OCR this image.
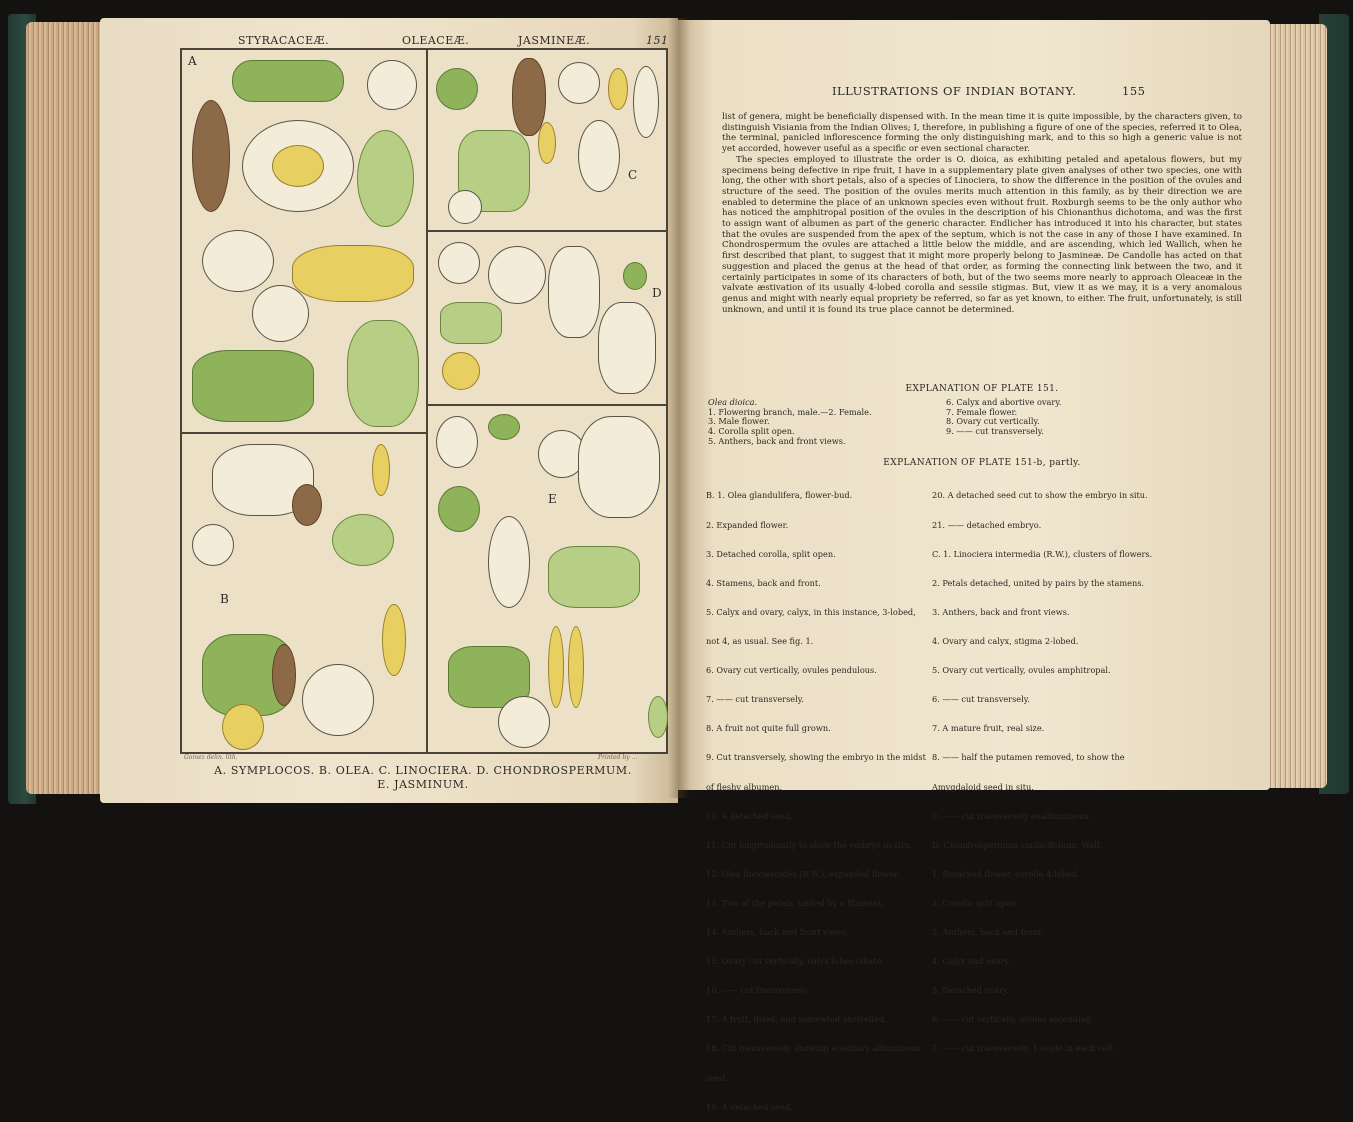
STYRACACEÆ.	OLEACEÆ.	JASMINEÆ.	151
A
C
D
B
E
Gomez delin. lith.	Printed by ...
A. SYMPLOCOS. B. OLEA. C. LINOCIERA. D. CHONDROSPERMUM.
E. JASMINUM.
ILLUSTRATIONS OF INDIAN BOTANY.	155

list of genera, might be beneficially dispensed with. In the mean time it is quite impossible, by the characters given, to distinguish Visiania from the Indian Olives; I, therefore, in publishing a figure of one of the species, referred it to Olea, the terminal, panicled inflorescence forming the only distinguishing mark, and to this so high a generic value is not yet accorded, however useful as a specific or even sectional character.

The species employed to illustrate the order is O. dioica, as exhibiting petaled and apetalous flowers, but my specimens being defective in ripe fruit, I have in a supplementary plate given analyses of other two species, one with long, the other with short petals, also of a species of Linociera, to show the difference in the position of the ovules and structure of the seed. The position of the ovules merits much attention in this family, as by their direction we are enabled to determine the place of an unknown species even without fruit. Roxburgh seems to be the only author who has noticed the amphitropal position of the ovules in the description of his Chionanthus dichotoma, and was the first to assign want of albumen as part of the generic character. Endlicher has introduced it into his character, but states that the ovules are suspended from the apex of the septum, which is not the case in any of those I have examined. In Chondrospermum the ovules are attached a little below the middle, and are ascending, which led Wallich, when he first described that plant, to suggest that it might more properly belong to Jasmineæ. De Candolle has acted on that suggestion and placed the genus at the head of that order, as forming the connecting link between the two, and it certainly participates in some of its characters of both, but of the two seems more nearly to approach Oleaceæ in the valvate æstivation of its usually 4-lobed corolla and sessile stigmas. But, view it as we may, it is a very anomalous genus and might with nearly equal propriety be referred, so far as yet known, to either. The fruit, unfortunately, is still unknown, and until it is found its true place cannot be determined.

EXPLANATION OF PLATE 151.
Olea dioica.
1. Flowering branch, male.—2. Female.
3. Male flower.
4. Corolla split open.
5. Anthers, back and front views.
6. Calyx and abortive ovary.
7. Female flower.
8. Ovary cut vertically.
9. —— cut transversely.
EXPLANATION OF PLATE 151-b, partly.

B. 1. Olea glandulifera, flower-bud.

2. Expanded flower.

3. Detached corolla, split open.

4. Stamens, back and front.

5. Calyx and ovary, calyx, in this instance, 3-lobed,

not 4, as usual. See fig. 1.

6. Ovary cut vertically, ovules pendulous.

7. —— cut transversely.

8. A fruit not quite full grown.

9. Cut transversely, showing the embryo in the midst

of fleshy albumen.

10. A detached seed.

11. Cut longitudinally to show the embryo in situ.

12. Olea linocieroides (R.W.), expanded flower.

13. Two of the petals, united by a filament.

14. Anthers, back and front views.

15. Ovary cut vertically, calyx lobes ciliate.

16. —— cut transversely.

17. A fruit, dried, and somewhat shrivelled.

18. Cut transversely, showing a solitary albuminous

seed.

19. A detached seed.

20. A detached seed cut to show the embryo in situ.

21. —— detached embryo.

C. 1. Linociera intermedia (R.W.), clusters of flowers.

2. Petals detached, united by pairs by the stamens.

3. Anthers, back and front views.

4. Ovary and calyx, stigma 2-lobed.

5. Ovary cut vertically, ovules amphitropal.

6. —— cut transversely.

7. A mature fruit, real size.

8. —— half the putamen removed, to show the

Amygdaloid seed in situ.

9. —— cut transversely exalbuminous.

D. Chondrospermum smilacifolium, Wall.

1. Detached flower, corolla 4-lobed.

2. Corolla split open.

3. Anthers, back and front.

4. Calyx and ovary.

5. Detached ovary.

6. —— cut vertically, ovules ascending.

7. —— cut transversely, 1 ovule in each cell.
